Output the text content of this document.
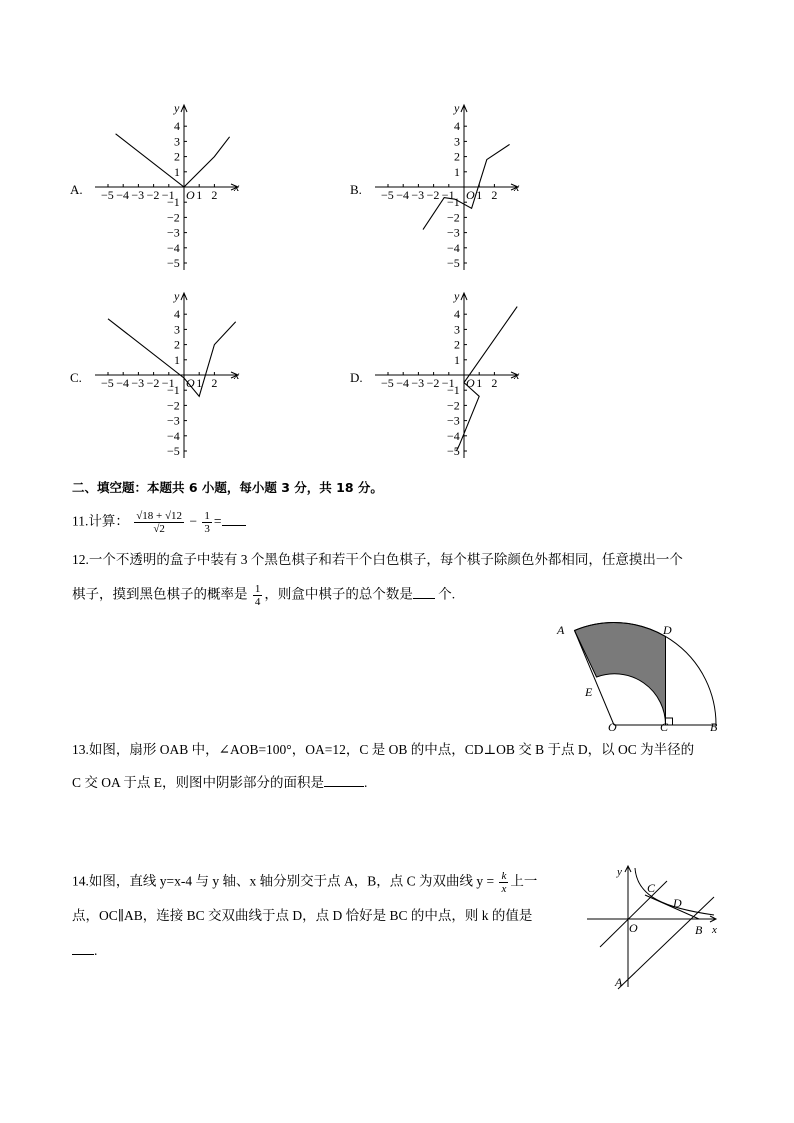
A. −5 −4 −3 −2 −1 1 2
4
3
2
1
−1
−2
−3
−4
−5
O
x
y
B. −5 −4 −3 −2 −1 1 2
4
3
2
1
−1
−2
−3
−4
−5
O
x
y
C. −5 −4 −3 −2 −1 1 2
4
3
2
1
−1
−2
−3
−4
−5
O
x
y
D. −5 −4 −3 −2 −1 1 2
4
3
2
1
−1
−2
−3
−4
−5
O
x
y
二、填空题：本题共 6 小题，每小题 3 分，共 18 分。
11.计算： $\frac{√18 + √12}{√2} - \frac{1}{3}$ =
12.一个不透明的盒子中装有 3 个黑色棋子和若干个白色棋子，每个棋子除颜色外都相同，任意摸出一个
棋子，摸到黑色棋子的概率是 $\frac{1}{4}$ ，则盒中棋子的总个数是 个.
A	D
E
O	C	B
13.如图，扇形 OAB 中，∠AOB=100°，OA=12，C 是 OB 的中点，CD⊥OB 交 B 于点 D，以 OC 为半径的
C 交 OA 于点 E，则图中阴影部分的面积是	.
14.如图，直线 y=x-4 与 y 轴、x 轴分别交于点 A，B，点 C 为双曲线 $y = \frac{k}{x}$ 上一
点，OC∥AB，连接 BC 交双曲线于点 D，点 D 恰好是 BC 的中点，则 k 的值是
.
y
x
C
D
O	B
A
